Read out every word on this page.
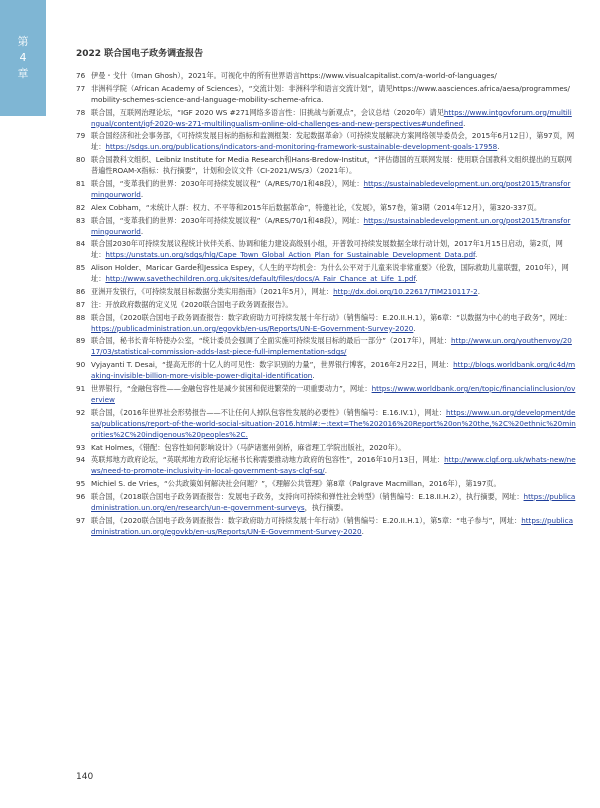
第
4
章
2022 联合国电子政务调查报告
76 伊曼・戈什（Iman Ghosh），2021年。可视化中的所有世界语言https://www.visualcapitalist.com/a-world-of-languages/
77 非洲科学院（African Academy of Sciences），“交流计划：非洲科学和语言交流计划”，请见https://www.aasciences.africa/aesa/programmes/mobility-schemes-science-and-language-mobility-scheme-africa.
78 联合国，互联网治理论坛，“IGF 2020 WS #271网络多语言性：旧挑战与新观点”，会议总结（2020年）请见https://www.intgovforum.org/multilingual/content/igf-2020-ws-271-multilingualism-online-old-challenges-and-new-perspectives#undefined.
79 联合国经济和社会事务部，《可持续发展目标的指标和监测框架：发起数据革命》（可持续发展解决方案网络领导委员会，2015年6月12日），第97页，网址：https://sdgs.un.org/publications/indicators-and-monitoring-framework-sustainable-development-goals-17958.
80 联合国教科文组织、Leibniz Institute for Media Research和Hans-Bredow-Institut，“评估德国的互联网发展：使用联合国教科文组织提出的互联网普遍性ROAM-X指标：执行摘要”，计划和会议文件（CI-2021/WS/3）（2021年）。
81 联合国，“变革我们的世界：2030年可持续发展议程”（A/RES/70/1和48段），网址：https://sustainabledevelopment.un.org/post2015/transformingourworld.
82 Alex Cobham，“未统计人群：权力、不平等和2015年后数据革命”，特邀社论，《发展》，第57卷，第3期（2014年12月），第320-337页。
83 联合国，“变革我们的世界：2030年可持续发展议程”（A/RES/70/1和48段），网址：https://sustainabledevelopment.un.org/post2015/transformingourworld.
84 联合国2030年可持续发展议程统计伙伴关系、协调和能力建设高级别小组，开普敦可持续发展数据全球行动计划，2017年1月15日启动，第2页，网址：https://unstats.un.org/sdgs/hlg/Cape_Town_Global_Action_Plan_for_Sustainable_Development_Data.pdf.
85 Alison Holder、Maricar Garde和Jessica Espey，《人生的平均机会：为什么公平对于儿童来说非常重要》（伦敦，国际救助儿童联盟，2010年），网址：http://www.savethechildren.org.uk/sites/default/files/docs/A_Fair_Chance_at_Life_1.pdf.
86 亚洲开发银行，《可持续发展目标数据分类实用指南》（2021年5月），网址：http://dx.doi.org/10.22617/TIM210117-2.
87 注：开放政府数据的定义见《2020联合国电子政务调查报告》。
88 联合国，《2020联合国电子政务调查报告：数字政府助力可持续发展十年行动》（销售编号：E.20.II.H.1），第6章：“以数据为中心的电子政务”，网址：https://publicadministration.un.org/egovkb/en-us/Reports/UN-E-Government-Survey-2020.
89 联合国，秘书长青年特使办公室，“统计委员会强调了全面实施可持续发展目标的最后一部分”（2017年），网址：http://www.un.org/youthenvoy/2017/03/statistical-commission-adds-last-piece-full-implementation-sdgs/
90 Vyjayanti T. Desai，“提高无形的十亿人的可见性：数字识别的力量”，世界银行博客，2016年2月22日，网址：http://blogs.worldbank.org/ic4d/making-invisible-billion-more-visible-power-digital-identification.
91 世界银行，“金融包容性——金融包容性是减少贫困和促进繁荣的一项重要动力”，网址：https://www.worldbank.org/en/topic/financialinclusion/overview
92 联合国，《2016年世界社会形势报告——不让任何人掉队包容性发展的必要性》（销售编号：E.16.IV.1），网址：https://www.un.org/development/desa/publications/report-of-the-world-social-situation-2016.html#:~:text=The%202016%20Report%20on%20the,%2C%20ethnic%20minorities%2C%20indigenous%20peoples%2C.
93 Kat Holmes，《错配：包容性如何影响设计》（马萨诸塞州剑桥，麻省理工学院出版社，2020年）。
94 英联邦地方政府论坛，“英联邦地方政府论坛秘书长称需要推动地方政府的包容性”，2016年10月13日，网址：http://www.clgf.org.uk/whats-new/news/need-to-promote-inclusivity-in-local-government-says-clgf-sg/.
95 Michiel S. de Vries，“公共政策如何解决社会问题？”，《理解公共管理》第8章（Palgrave Macmillan，2016年），第197页。
96 联合国，《2018联合国电子政务调查报告：发展电子政务，支持向可持续和弹性社会转型》（销售编号：E.18.II.H.2），执行摘要，网址：https://publicadministration.un.org/en/research/un-e-government-surveys，执行摘要。
97 联合国，《2020联合国电子政务调查报告：数字政府助力可持续发展十年行动》（销售编号：E.20.II.H.1），第5章：“电子参与”，网址：https://publicadministration.un.org/egovkb/en-us/Reports/UN-E-Government-Survey-2020.
140
